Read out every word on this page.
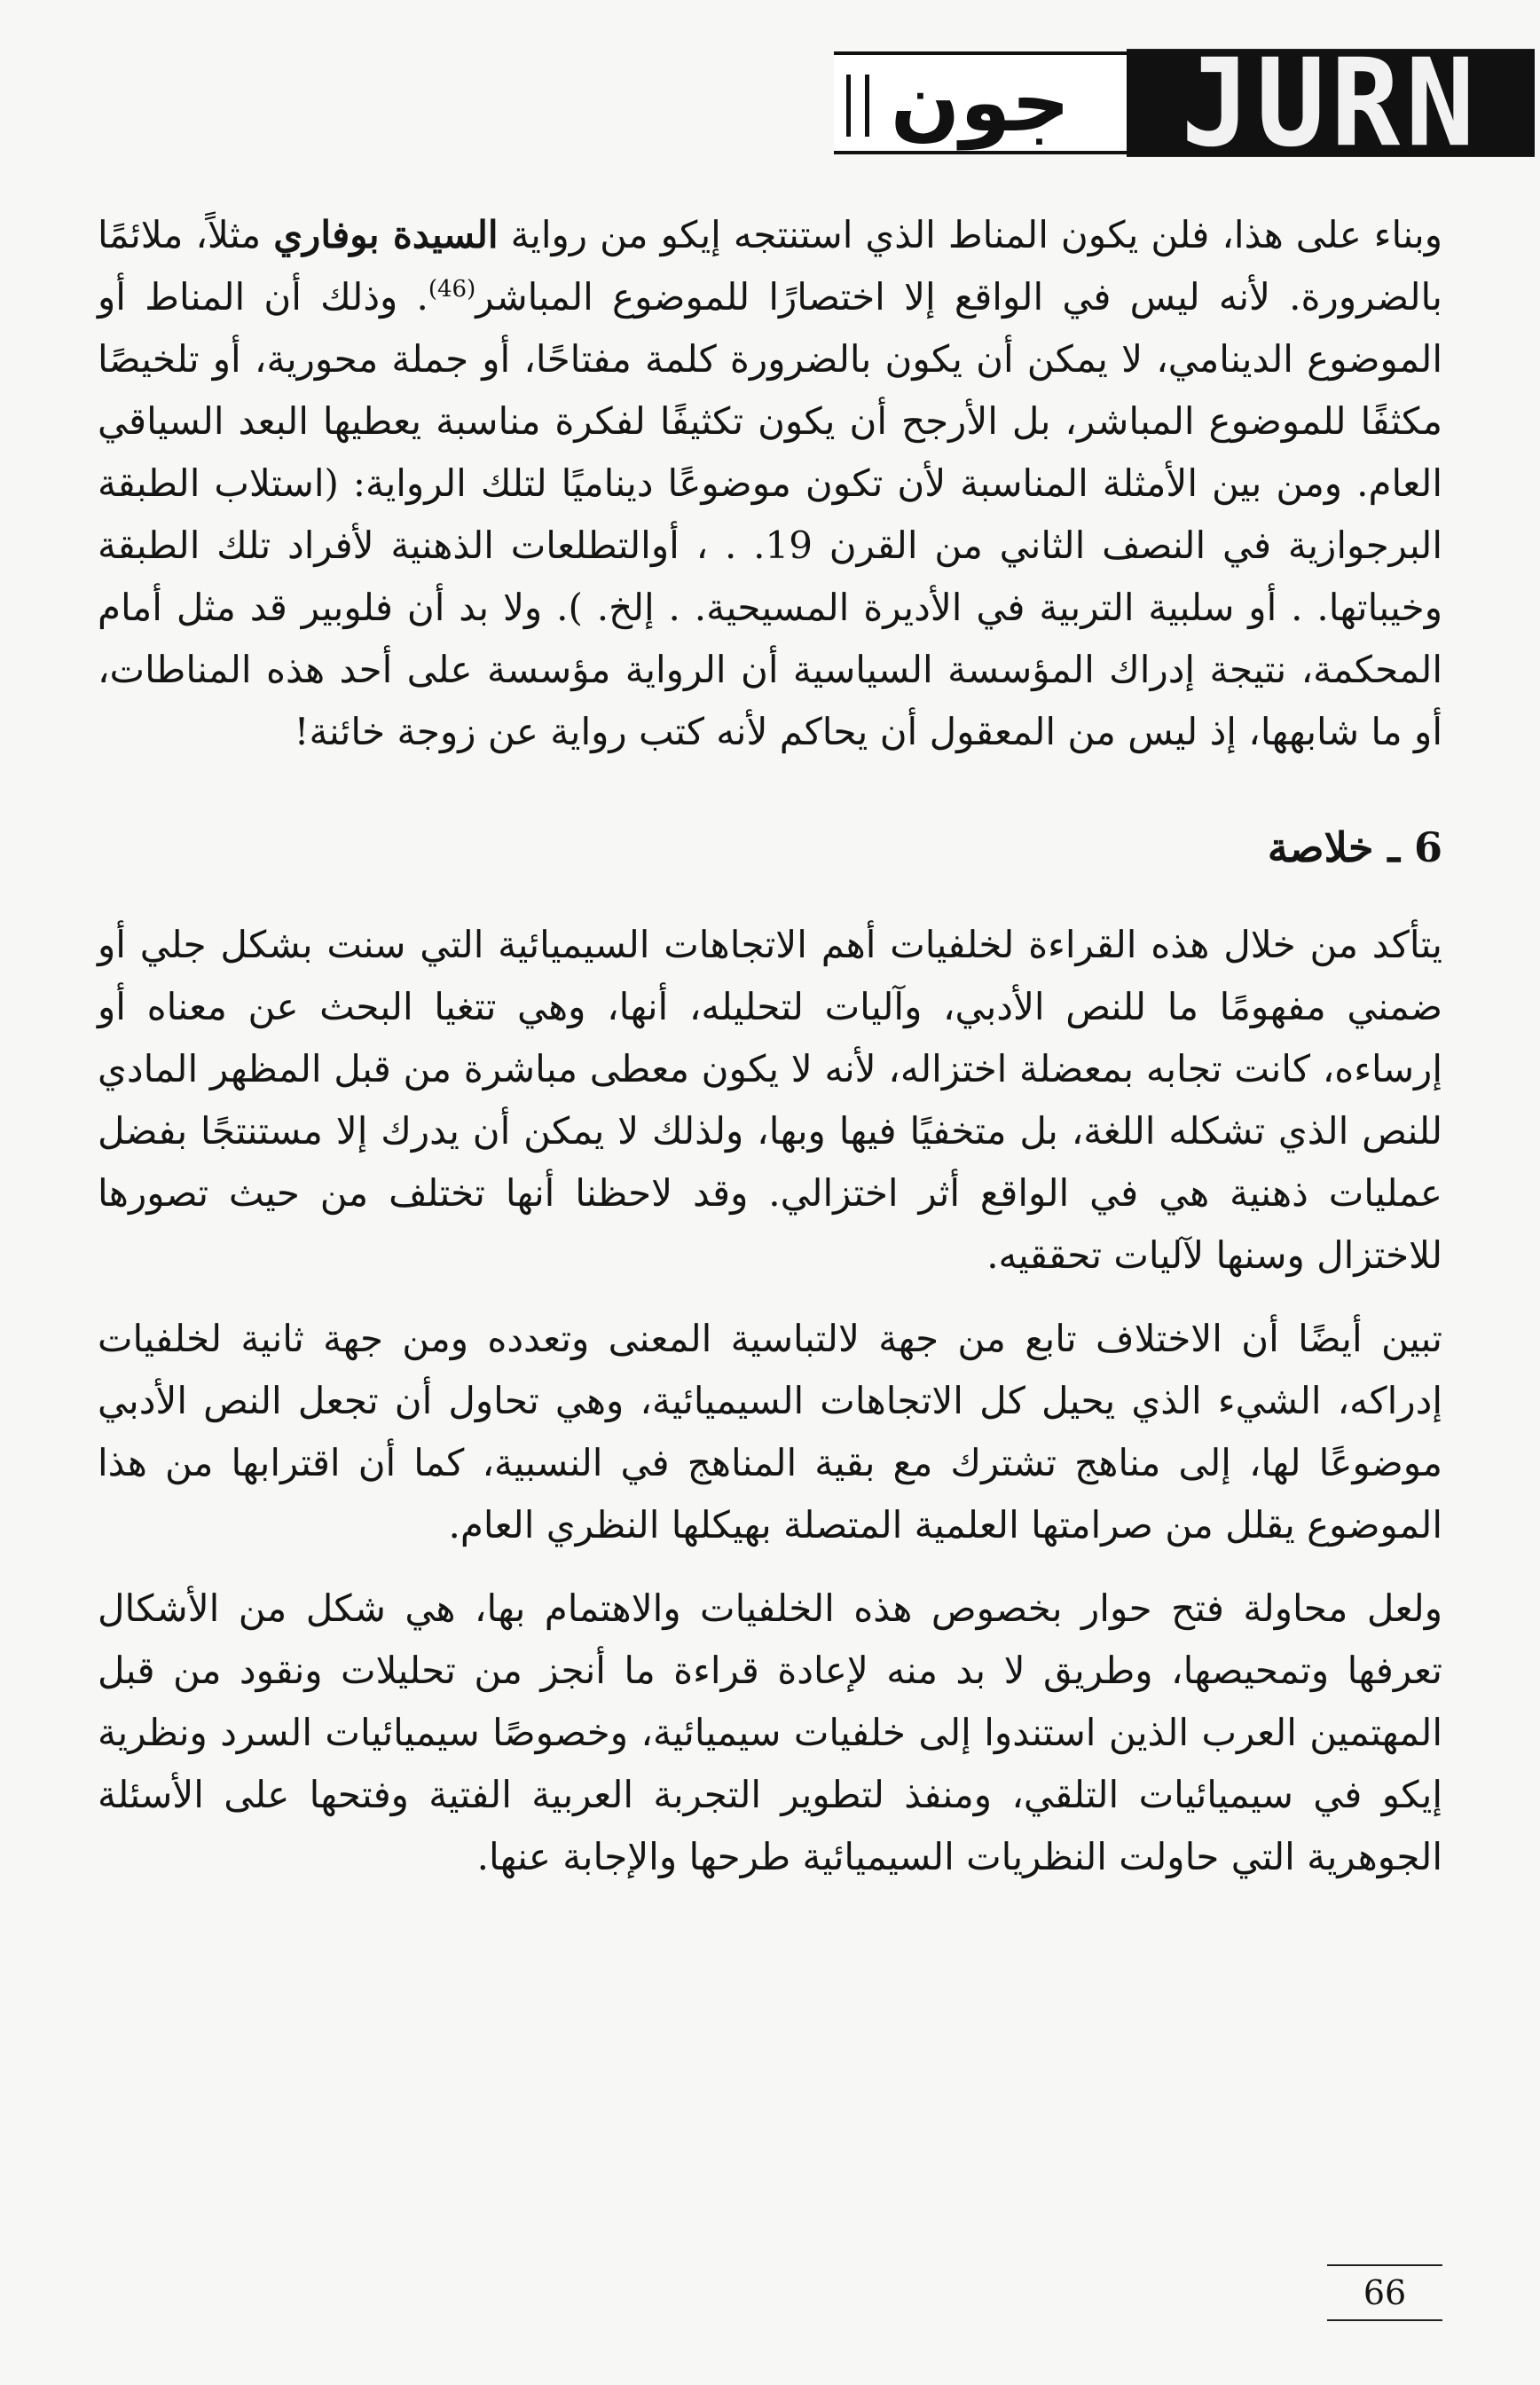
جون JURN

وبناء على هذا، فلن يكون المناط الذي استنتجه إيكو من رواية السيدة بوفاري مثلاً، ملائمًا بالضرورة. لأنه ليس في الواقع إلا اختصارًا للموضوع المباشر$^{(46)}$. وذلك أن المناط أو الموضوع الدينامي، لا يمكن أن يكون بالضرورة كلمة مفتاحًا، أو جملة محورية، أو تلخيصًا مكثفًا للموضوع المباشر، بل الأرجح أن يكون تكثيفًا لفكرة مناسبة يعطيها البعد السياقي العام. ومن بين الأمثلة المناسبة لأن تكون موضوعًا ديناميًا لتلك الرواية: (استلاب الطبقة البرجوازية في النصف الثاني من القرن 19. . ، أوالتطلعات الذهنية لأفراد تلك الطبقة وخيباتها. . أو سلبية التربية في الأديرة المسيحية. . إلخ. ). ولا بد أن فلوبير قد مثل أمام المحكمة، نتيجة إدراك المؤسسة السياسية أن الرواية مؤسسة على أحد هذه المناطات، أو ما شابهها، إذ ليس من المعقول أن يحاكم لأنه كتب رواية عن زوجة خائنة!

6 ـ خلاصة

يتأكد من خلال هذه القراءة لخلفيات أهم الاتجاهات السيميائية التي سنت بشكل جلي أو ضمني مفهومًا ما للنص الأدبي، وآليات لتحليله، أنها، وهي تتغيا البحث عن معناه أو إرساءه، كانت تجابه بمعضلة اختزاله، لأنه لا يكون معطى مباشرة من قبل المظهر المادي للنص الذي تشكله اللغة، بل متخفيًا فيها وبها، ولذلك لا يمكن أن يدرك إلا مستنتجًا بفضل عمليات ذهنية هي في الواقع أثر اختزالي. وقد لاحظنا أنها تختلف من حيث تصورها للاختزال وسنها لآليات تحققيه.

تبين أيضًا أن الاختلاف تابع من جهة لالتباسية المعنى وتعدده ومن جهة ثانية لخلفيات إدراكه، الشيء الذي يحيل كل الاتجاهات السيميائية، وهي تحاول أن تجعل النص الأدبي موضوعًا لها، إلى مناهج تشترك مع بقية المناهج في النسبية، كما أن اقترابها من هذا الموضوع يقلل من صرامتها العلمية المتصلة بهيكلها النظري العام.

ولعل محاولة فتح حوار بخصوص هذه الخلفيات والاهتمام بها، هي شكل من الأشكال تعرفها وتمحيصها، وطريق لا بد منه لإعادة قراءة ما أنجز من تحليلات ونقود من قبل المهتمين العرب الذين استندوا إلى خلفيات سيميائية، وخصوصًا سيميائيات السرد ونظرية إيكو في سيميائيات التلقي، ومنفذ لتطوير التجربة العربية الفتية وفتحها على الأسئلة الجوهرية التي حاولت النظريات السيميائية طرحها والإجابة عنها.

66
